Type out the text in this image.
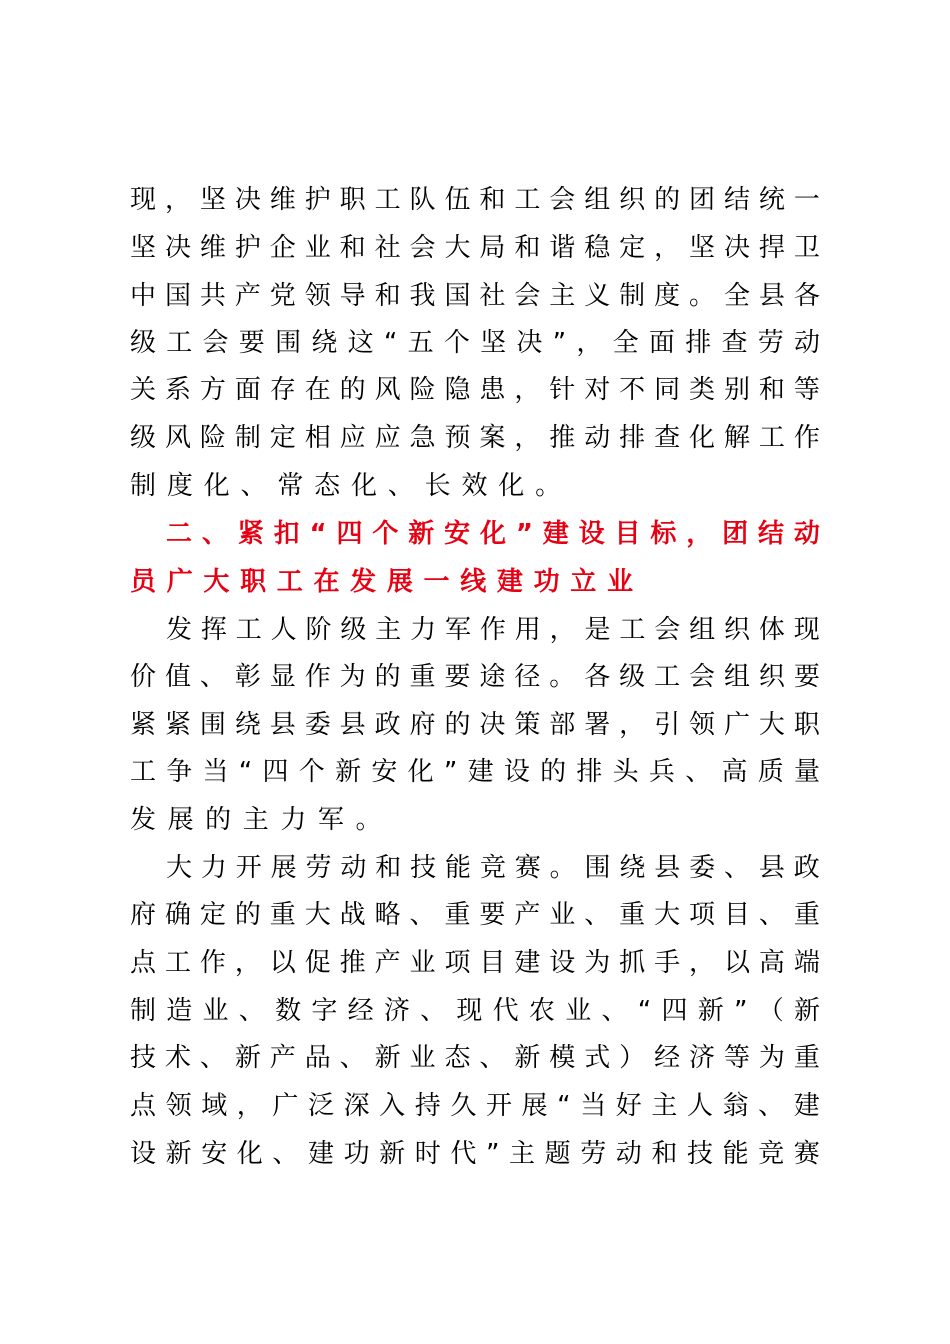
现 ， 坚 决 维 护 职 工 队 伍 和 工 会 组 织 的 团 结 统 一
坚 决 维 护 企 业 和 社 会 大 局 和 谐 稳 定 ， 坚 决 捍 卫
中 国 共 产 党 领 导 和 我 国 社 会 主 义 制 度 。 全 县 各
级 工 会 要 围 绕 这 “ 五 个 坚 决 ” ， 全 面 排 查 劳 动
关 系 方 面 存 在 的 风 险 隐 患 ， 针 对 不 同 类 别 和 等
级 风 险 制 定 相 应 应 急 预 案 ， 推 动 排 查 化 解 工 作
制 度 化 、 常 态 化 、 长 效 化 。
二 、 紧 扣 “ 四 个 新 安 化 ” 建 设 目 标 ， 团 结 动
员 广 大 职 工 在 发 展 一 线 建 功 立 业
发 挥 工 人 阶 级 主 力 军 作 用 ， 是 工 会 组 织 体 现
价 值 、 彰 显 作 为 的 重 要 途 径 。 各 级 工 会 组 织 要
紧 紧 围 绕 县 委 县 政 府 的 决 策 部 署 ， 引 领 广 大 职
工 争 当 “ 四 个 新 安 化 ” 建 设 的 排 头 兵 、 高 质 量
发 展 的 主 力 军 。
大 力 开 展 劳 动 和 技 能 竞 赛 。 围 绕 县 委 、 县 政
府 确 定 的 重 大 战 略 、 重 要 产 业 、 重 大 项 目 、 重
点 工 作 ， 以 促 推 产 业 项 目 建 设 为 抓 手 ， 以 高 端
制 造 业 、 数 字 经 济 、 现 代 农 业 、 “ 四 新 ” （ 新
技 术 、 新 产 品 、 新 业 态 、 新 模 式 ） 经 济 等 为 重
点 领 域 ， 广 泛 深 入 持 久 开 展 “ 当 好 主 人 翁 、 建
设 新 安 化 、 建 功 新 时 代 ” 主 题 劳 动 和 技 能 竞 赛
